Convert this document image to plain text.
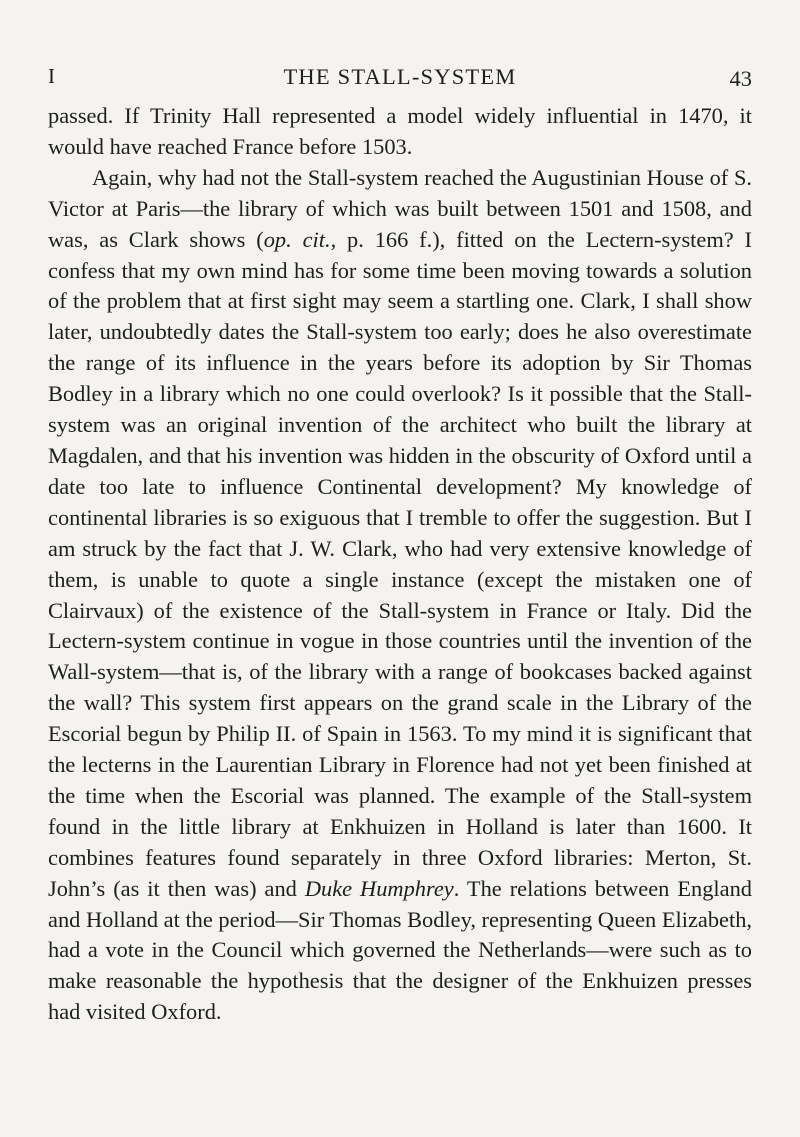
I	THE STALL-SYSTEM	43

passed. If Trinity Hall represented a model widely influential in 1470, it would have reached France before 1503.

Again, why had not the Stall-system reached the Augustinian House of S. Victor at Paris—the library of which was built between 1501 and 1508, and was, as Clark shows (op. cit., p. 166 f.), fitted on the Lectern-system? I confess that my own mind has for some time been moving towards a solution of the problem that at first sight may seem a startling one. Clark, I shall show later, undoubtedly dates the Stall-system too early; does he also overestimate the range of its influence in the years before its adoption by Sir Thomas Bodley in a library which no one could overlook? Is it possible that the Stall-system was an original invention of the architect who built the library at Magdalen, and that his invention was hidden in the obscurity of Oxford until a date too late to influence Continental development? My knowledge of continental libraries is so exiguous that I tremble to offer the suggestion. But I am struck by the fact that J. W. Clark, who had very extensive knowledge of them, is unable to quote a single instance (except the mistaken one of Clairvaux) of the existence of the Stall-system in France or Italy. Did the Lectern-system continue in vogue in those countries until the invention of the Wall-system—that is, of the library with a range of bookcases backed against the wall? This system first appears on the grand scale in the Library of the Escorial begun by Philip II. of Spain in 1563. To my mind it is significant that the lecterns in the Laurentian Library in Florence had not yet been finished at the time when the Escorial was planned. The example of the Stall-system found in the little library at Enkhuizen in Holland is later than 1600. It combines features found separately in three Oxford libraries: Merton, St. John’s (as it then was) and Duke Humphrey. The relations between England and Holland at the period—Sir Thomas Bodley, representing Queen Elizabeth, had a vote in the Council which governed the Netherlands—were such as to make reasonable the hypothesis that the designer of the Enkhuizen presses had visited Oxford.
